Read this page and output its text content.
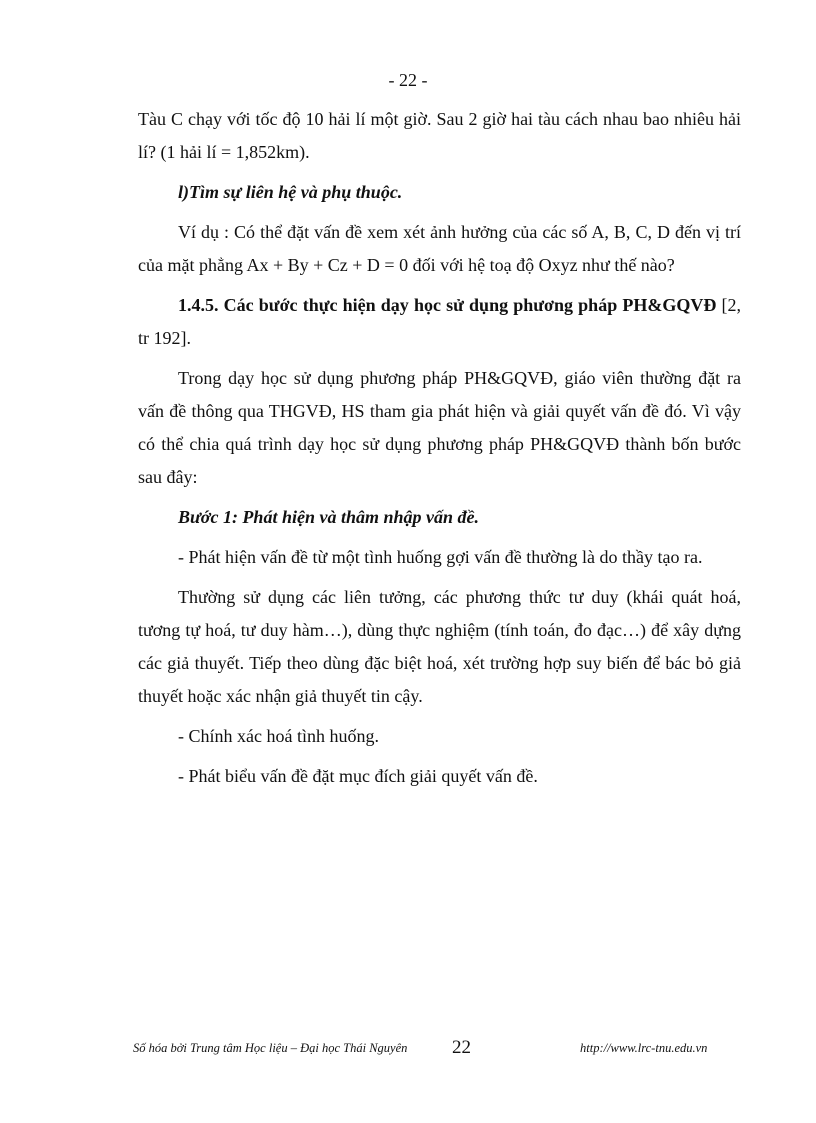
- 22 -

Tàu C chạy với tốc độ 10 hải lí một giờ. Sau 2 giờ hai tàu cách nhau bao nhiêu hải lí? (1 hải lí = 1,852km).

l)Tìm sự liên hệ và phụ thuộc.

Ví dụ : Có thể đặt vấn đề xem xét ảnh hưởng của các số A, B, C, D đến vị trí của mặt phẳng Ax + By + Cz + D = 0 đối với hệ toạ độ Oxyz như thế nào?

1.4.5. Các bước thực hiện dạy học sử dụng phương pháp PH&GQVĐ [2, tr 192].

Trong dạy học sử dụng phương pháp PH&GQVĐ, giáo viên thường đặt ra vấn đề thông qua THGVĐ, HS tham gia phát hiện và giải quyết vấn đề đó. Vì vậy có thể chia quá trình dạy học sử dụng phương pháp PH&GQVĐ thành bốn bước sau đây:

Bước 1: Phát hiện và thâm nhập vấn đề.

- Phát hiện vấn đề từ một tình huống gợi vấn đề thường là do thầy tạo ra.

Thường sử dụng các liên tưởng, các phương thức tư duy (khái quát hoá, tương tự hoá, tư duy hàm…), dùng thực nghiệm (tính toán, đo đạc…) để xây dựng các giả thuyết. Tiếp theo dùng đặc biệt hoá, xét trường hợp suy biến để bác bỏ giả thuyết hoặc xác nhận giả thuyết tin cậy.

- Chính xác hoá tình huống.

- Phát biểu vấn đề đặt mục đích giải quyết vấn đề.

Số hóa bởi Trung tâm Học liệu – Đại học Thái Nguyên 22	http://www.lrc-tnu.edu.vn
